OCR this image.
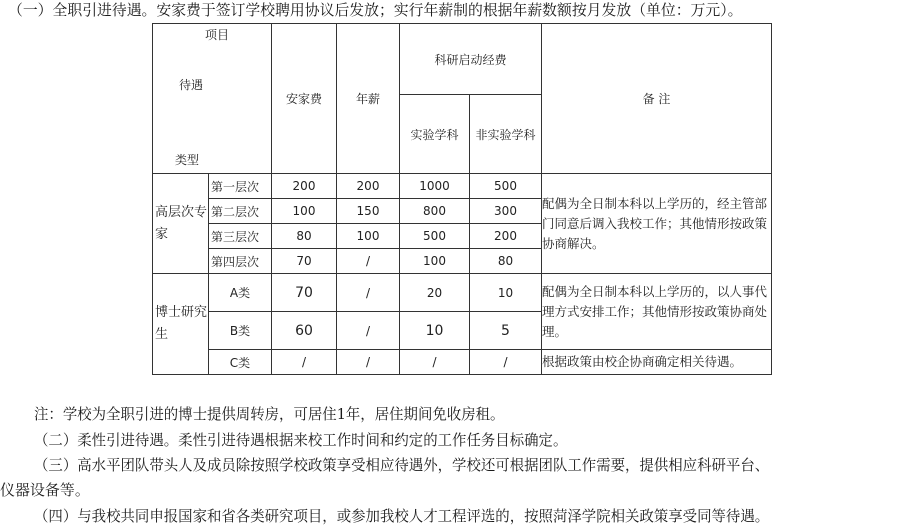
（一）全职引进待遇。安家费于签订学校聘用协议后发放；实行年薪制的根据年薪数额按月发放（单位：万元）。
项目
待遇
类型		安家费	年薪	科研启动经费		备 注
				实验学科	非实验学科	
高层次专家	第一层次	200	200	1000	500	配偶为全日制本科以上学历的，经主管部门同意后调入我校工作；其他情形按政策协商解决。
	第二层次	100	150	800	300	
	第三层次	80	100	500	200	
	第四层次	70	/	100	80	
博士研究生	A类	70	/	20	10	配偶为全日制本科以上学历的，以人事代理方式安排工作；其他情形按政策协商处理。
	B类	60	/	10	5	
	C类	/	/	/	/	根据政策由校企协商确定相关待遇。
注：学校为全职引进的博士提供周转房，可居住1年，居住期间免收房租。
（二）柔性引进待遇。柔性引进待遇根据来校工作时间和约定的工作任务目标确定。
（三）高水平团队带头人及成员除按照学校政策享受相应待遇外，学校还可根据团队工作需要，提供相应科研平台、
仪器设备等。
（四）与我校共同申报国家和省各类研究项目，或参加我校人才工程评选的，按照菏泽学院相关政策享受同等待遇。
